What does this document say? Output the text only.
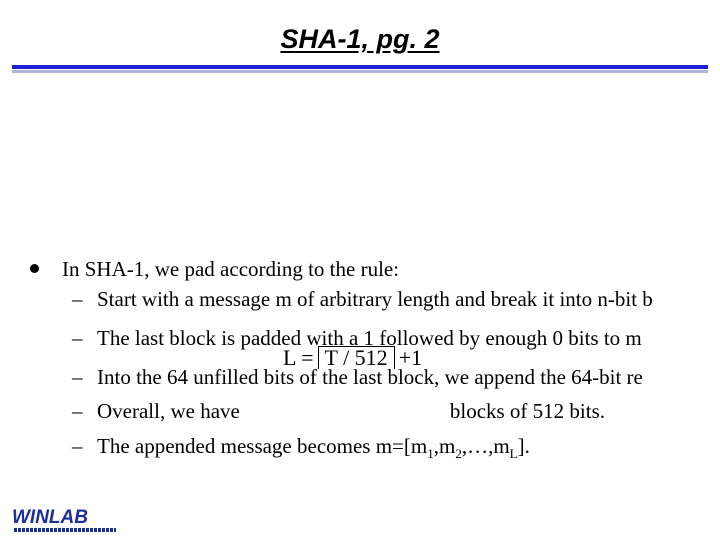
SHA-1, pg. 2
In SHA-1, we pad according to the rule:
– Start with a message m of arbitrary length and break it into n-bit b
– The last block is padded with a 1 followed by enough 0 bits to m
– Into the 64 unfilled bits of the last block, we append the 64-bit re
– Overall, we have	blocks of 512 bits.
– The appended message becomes $m=[m_1,m_2,\dots,m_L]$.
L = T / 512 +1
WINLAB
